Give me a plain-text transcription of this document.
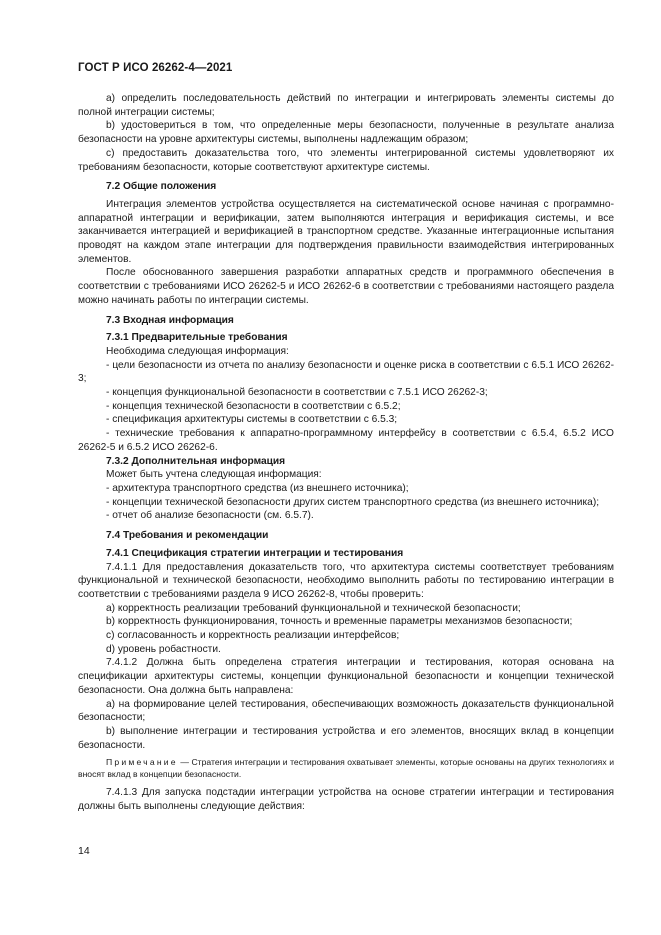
ГОСТ Р ИСО 26262-4—2021

a) определить последовательность действий по интеграции и интегрировать элементы системы до полной интеграции системы;

b) удостовериться в том, что определенные меры безопасности, полученные в результате анализа безопасности на уровне архитектуры системы, выполнены надлежащим образом;

c) предоставить доказательства того, что элементы интегрированной системы удовлетворяют их требованиям безопасности, которые соответствуют архитектуре системы.

7.2 Общие положения

Интеграция элементов устройства осуществляется на систематической основе начиная с программно-аппаратной интеграции и верификации, затем выполняются интеграция и верификация системы, и все заканчивается интеграцией и верификацией в транспортном средстве. Указанные интеграционные испытания проводят на каждом этапе интеграции для подтверждения правильности взаимодействия интегрированных элементов.

После обоснованного завершения разработки аппаратных средств и программного обеспечения в соответствии с требованиями ИСО 26262-5 и ИСО 26262-6 в соответствии с требованиями настоящего раздела можно начинать работы по интеграции системы.

7.3 Входная информация

7.3.1 Предварительные требования

Необходима следующая информация:

- цели безопасности из отчета по анализу безопасности и оценке риска в соответствии с 6.5.1 ИСО 26262-3;

- концепция функциональной безопасности в соответствии с 7.5.1 ИСО 26262-3;

- концепция технической безопасности в соответствии с 6.5.2;

- спецификация архитектуры системы в соответствии с 6.5.3;

- технические требования к аппаратно-программному интерфейсу в соответствии с 6.5.4, 6.5.2 ИСО 26262-5 и 6.5.2 ИСО 26262-6.

7.3.2 Дополнительная информация

Может быть учтена следующая информация:

- архитектура транспортного средства (из внешнего источника);

- концепции технической безопасности других систем транспортного средства (из внешнего источника);

- отчет об анализе безопасности (см. 6.5.7).

7.4 Требования и рекомендации

7.4.1 Спецификация стратегии интеграции и тестирования

7.4.1.1 Для предоставления доказательств того, что архитектура системы соответствует требованиям функциональной и технической безопасности, необходимо выполнить работы по тестированию интеграции в соответствии с требованиями раздела 9 ИСО 26262-8, чтобы проверить:

a) корректность реализации требований функциональной и технической безопасности;

b) корректность функционирования, точность и временные параметры механизмов безопасности;

c) согласованность и корректность реализации интерфейсов;

d) уровень робастности.

7.4.1.2 Должна быть определена стратегия интеграции и тестирования, которая основана на спецификации архитектуры системы, концепции функциональной безопасности и концепции технической безопасности. Она должна быть направлена:

a) на формирование целей тестирования, обеспечивающих возможность доказательств функциональной безопасности;

b) выполнение интеграции и тестирования устройства и его элементов, вносящих вклад в концепции безопасности.

Примечание — Стратегия интеграции и тестирования охватывает элементы, которые основаны на других технологиях и вносят вклад в концепции безопасности.

7.4.1.3 Для запуска подстадии интеграции устройства на основе стратегии интеграции и тестирования должны быть выполнены следующие действия:

14
